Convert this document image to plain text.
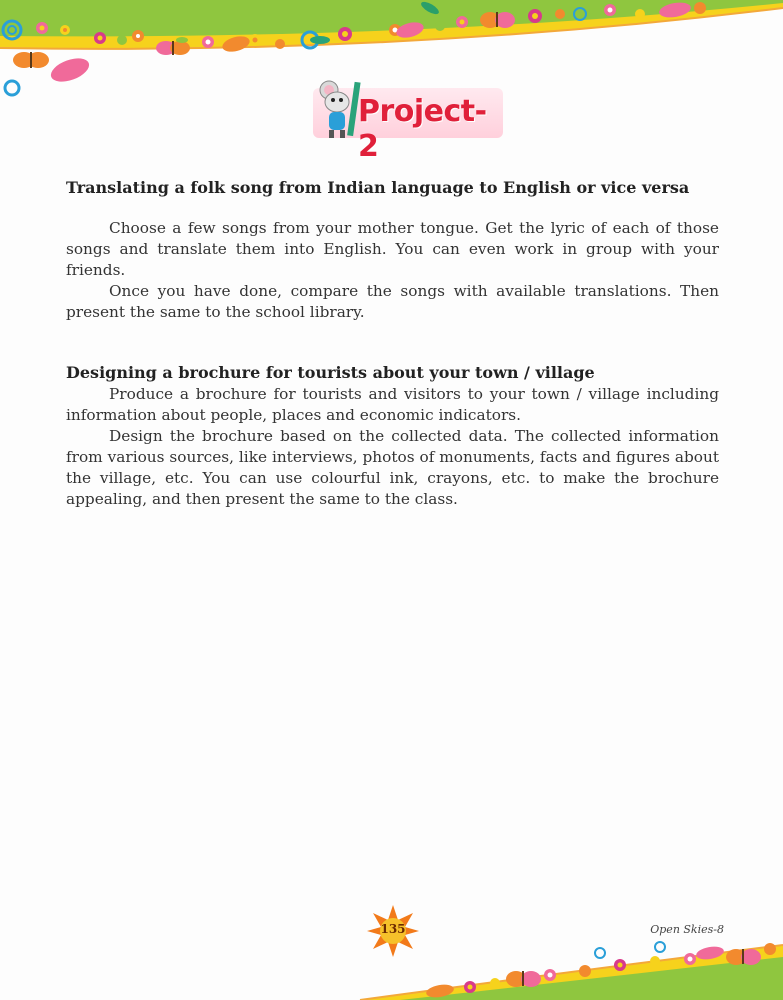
Project-2
Translating a folk song from Indian language to English or vice versa

Choose a few songs from your mother tongue. Get the lyric of each of those songs and translate them into English. You can even work in group with your friends.

Once you have done, compare the songs with available translations. Then present the same to the school library.

Designing a brochure for tourists about your town / village

Produce a brochure for tourists and visitors to your town / village including information about people, places and economic indicators.

Design the brochure based on the collected data. The collected information from various sources, like interviews, photos of monuments, facts and figures about the village, etc. You can use colourful ink, crayons, etc. to make the brochure appealing, and then present the same to the class.

135	Open Skies-8
